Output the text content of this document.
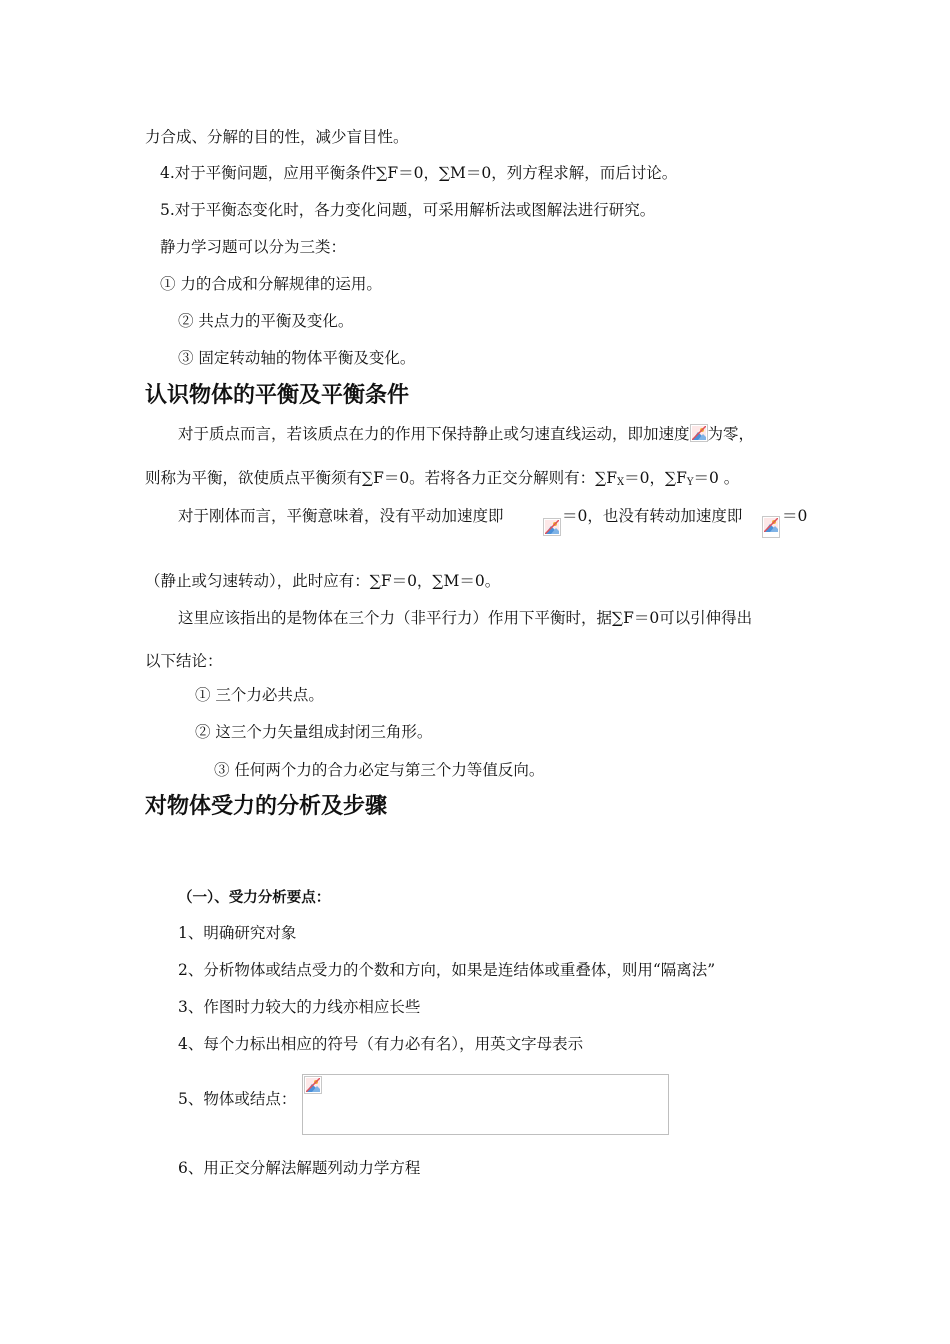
力合成、分解的目的性，减少盲目性。
4.对于平衡问题，应用平衡条件∑F＝0，∑M＝0，列方程求解，而后讨论。
5.对于平衡态变化时，各力变化问题，可采用解析法或图解法进行研究。
静力学习题可以分为三类：
① 力的合成和分解规律的运用。
② 共点力的平衡及变化。
③ 固定转动轴的物体平衡及变化。
认识物体的平衡及平衡条件
对于质点而言，若该质点在力的作用下保持静止或匀速直线运动，即加速度 为零，
则称为平衡，欲使质点平衡须有∑F＝0。若将各力正交分解则有：$\sum F_X=0$，$\sum F_Y=0$ 。
对于刚体而言，平衡意味着，没有平动加速度即	＝0，也没有转动加速度即	＝0
（静止或匀速转动），此时应有：∑F＝0，∑M＝0。
这里应该指出的是物体在三个力（非平行力）作用下平衡时，据∑F＝0可以引伸得出
以下结论：
① 三个力必共点。
② 这三个力矢量组成封闭三角形。
③ 任何两个力的合力必定与第三个力等值反向。
对物体受力的分析及步骤
（一）、受力分析要点：
1、明确研究对象
2、分析物体或结点受力的个数和方向，如果是连结体或重叠体，则用“隔离法”
3、作图时力较大的力线亦相应长些
4、每个力标出相应的符号（有力必有名），用英文字母表示
5、物体或结点：
6、用正交分解法解题列动力学方程
